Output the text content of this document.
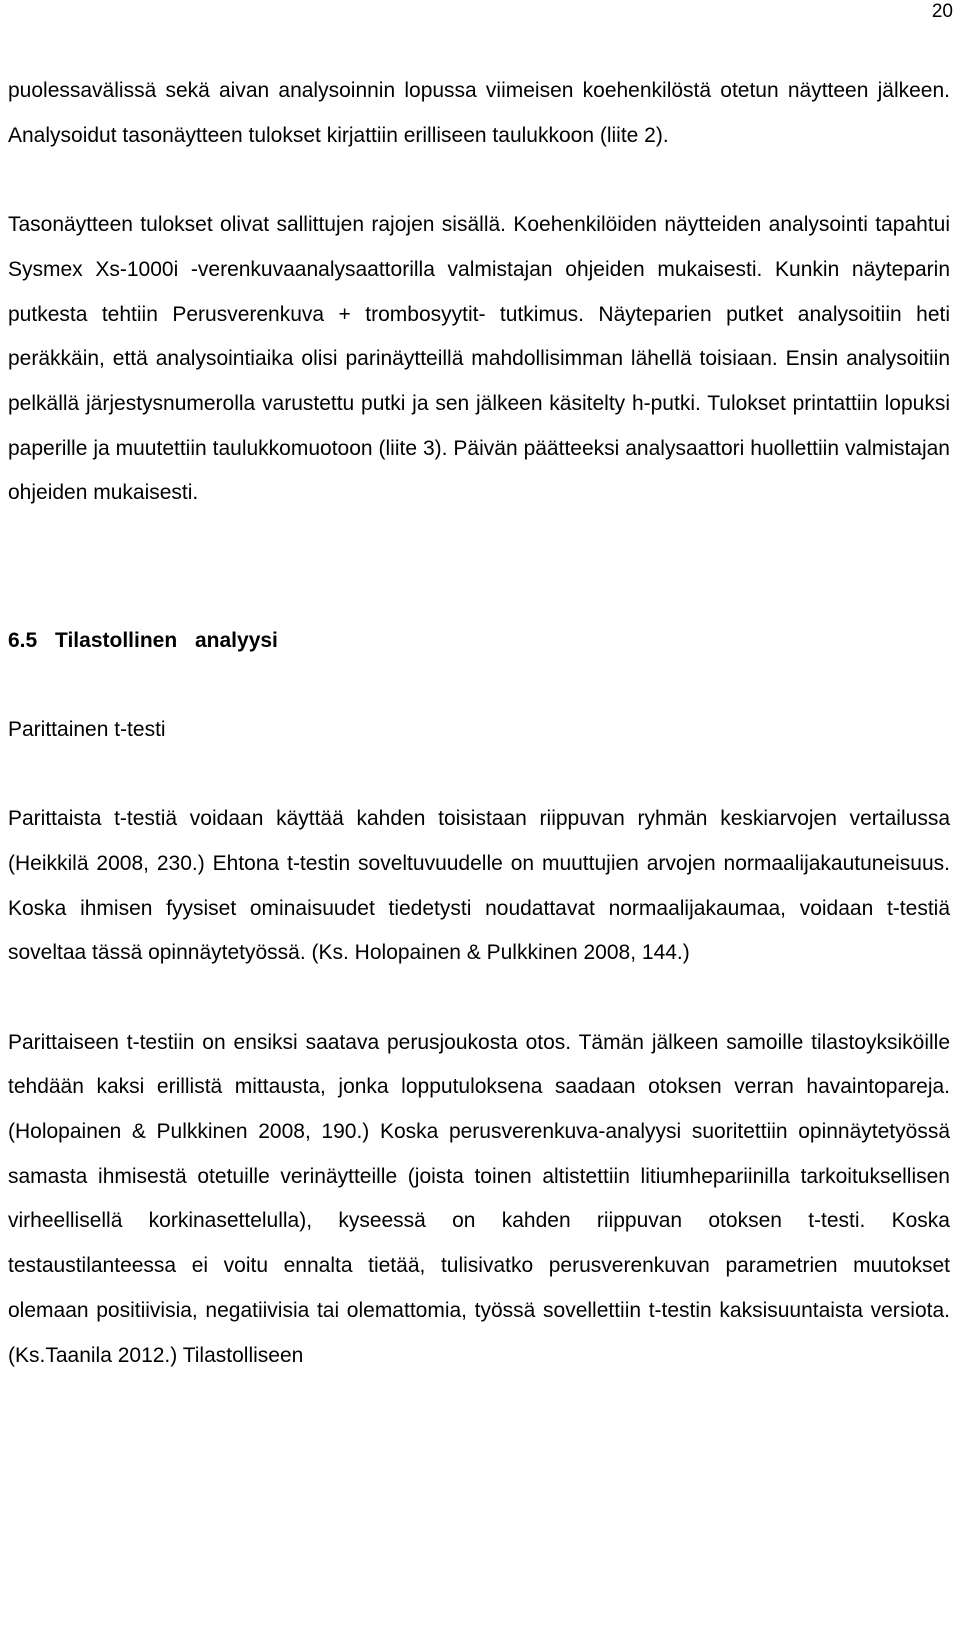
20

puolessavälissä sekä aivan analysoinnin lopussa viimeisen koehenkilöstä otetun näytteen jälkeen. Analysoidut tasonäytteen tulokset kirjattiin erilliseen taulukkoon (liite 2).

Tasonäytteen tulokset olivat sallittujen rajojen sisällä. Koehenkilöiden näytteiden analysointi tapahtui Sysmex Xs-1000i -verenkuvaanalysaattorilla valmistajan ohjeiden mukaisesti. Kunkin näyteparin putkesta tehtiin Perusverenkuva + trombosyytit- tutkimus. Näyteparien putket analysoitiin heti peräkkäin, että analysointiaika olisi parinäytteillä mahdollisimman lähellä toisiaan. Ensin analysoitiin pelkällä järjestysnumerolla varustettu putki ja sen jälkeen käsitelty h-putki. Tulokset printattiin lopuksi paperille ja muutettiin taulukkomuotoon (liite 3). Päivän päätteeksi analysaattori huollettiin valmistajan ohjeiden mukaisesti.

6.5 Tilastollinen analyysi
Parittainen t-testi

Parittaista t-testiä voidaan käyttää kahden toisistaan riippuvan ryhmän keskiarvojen vertailussa (Heikkilä 2008, 230.) Ehtona t-testin soveltuvuudelle on muuttujien arvojen normaalijakautuneisuus. Koska ihmisen fyysiset ominaisuudet tiedetysti noudattavat normaalijakaumaa, voidaan t-testiä soveltaa tässä opinnäytetyössä. (Ks. Holopainen & Pulkkinen 2008, 144.)

Parittaiseen t-testiin on ensiksi saatava perusjoukosta otos. Tämän jälkeen samoille tilastoyksiköille tehdään kaksi erillistä mittausta, jonka lopputuloksena saadaan otoksen verran havaintopareja. (Holopainen & Pulkkinen 2008, 190.) Koska perusverenkuva-analyysi suoritettiin opinnäytetyössä samasta ihmisestä otetuille verinäytteille (joista toinen altistettiin litiumhepariinilla tarkoituksellisen virheellisellä korkinasettelulla), kyseessä on kahden riippuvan otoksen t-testi. Koska testaustilanteessa ei voitu ennalta tietää, tulisivatko perusverenkuvan parametrien muutokset olemaan positiivisia, negatiivisia tai olemattomia, työssä sovellettiin t-testin kaksisuuntaista versiota. (Ks.Taanila 2012.) Tilastolliseen
